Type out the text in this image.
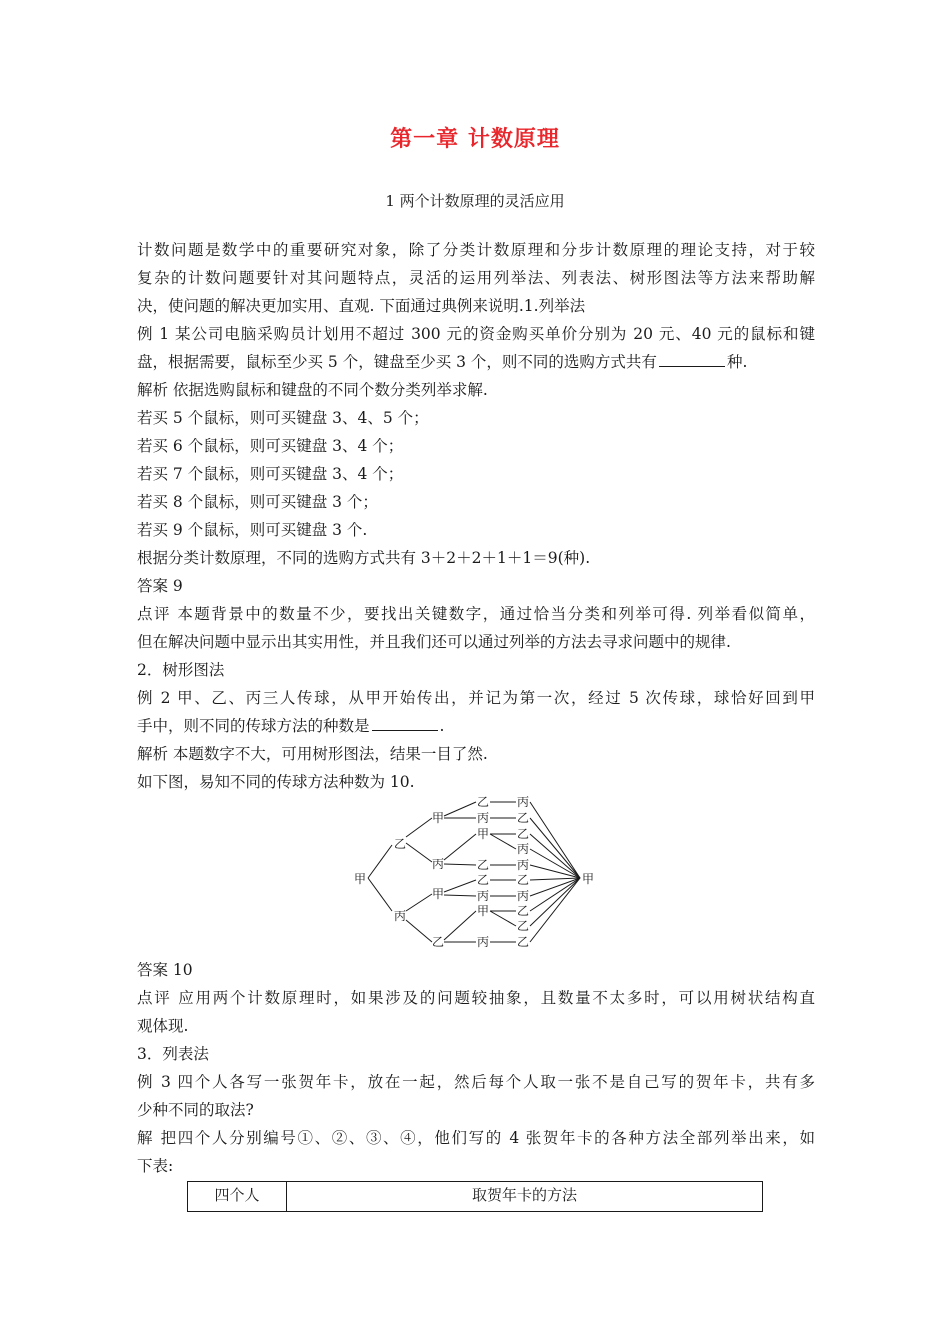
第一章 计数原理
1 两个计数原理的灵活应用
计数问题是数学中的重要研究对象，除了分类计数原理和分步计数原理的理论支持，对于较
复杂的计数问题要针对其问题特点，灵活的运用列举法、列表法、树形图法等方法来帮助解
决，使问题的解决更加实用、直观. 下面通过典例来说明.1.列举法
例 1 某公司电脑采购员计划用不超过 300 元的资金购买单价分别为 20 元、40 元的鼠标和键
盘，根据需要，鼠标至少买 5 个，键盘至少买 3 个，则不同的选购方式共有	种.
解析 依据选购鼠标和键盘的不同个数分类列举求解.
若买 5 个鼠标，则可买键盘 3、4、5 个；
若买 6 个鼠标，则可买键盘 3、4 个；
若买 7 个鼠标，则可买键盘 3、4 个；
若买 8 个鼠标，则可买键盘 3 个；
若买 9 个鼠标，则可买键盘 3 个.
根据分类计数原理，不同的选购方式共有 3＋2＋2＋1＋1＝9(种).
答案 9
点评 本题背景中的数量不少，要找出关键数字，通过恰当分类和列举可得. 列举看似简单，
但在解决问题中显示出其实用性，并且我们还可以通过列举的方法去寻求问题中的规律.
2．树形图法
例 2 甲、乙、丙三人传球，从甲开始传出，并记为第一次，经过 5 次传球，球恰好回到甲
手中，则不同的传球方法的种数是	.
解析 本题数字不大，可用树形图法，结果一目了然.
如下图，易知不同的传球方法种数为 10.
甲
乙
丙
甲
丙
甲
乙
乙
丙
甲
乙
乙
丙
甲
丙
丙
乙
乙
丙
丙
乙
丙
乙
乙
乙
甲
答案 10
点评 应用两个计数原理时，如果涉及的问题较抽象，且数量不太多时，可以用树状结构直
观体现.
3．列表法
例 3 四个人各写一张贺年卡，放在一起，然后每个人取一张不是自己写的贺年卡，共有多
少种不同的取法?
解 把四个人分别编号①、②、③、④，他们写的 4 张贺年卡的各种方法全部列举出来，如
下表:
四个人	取贺年卡的方法
